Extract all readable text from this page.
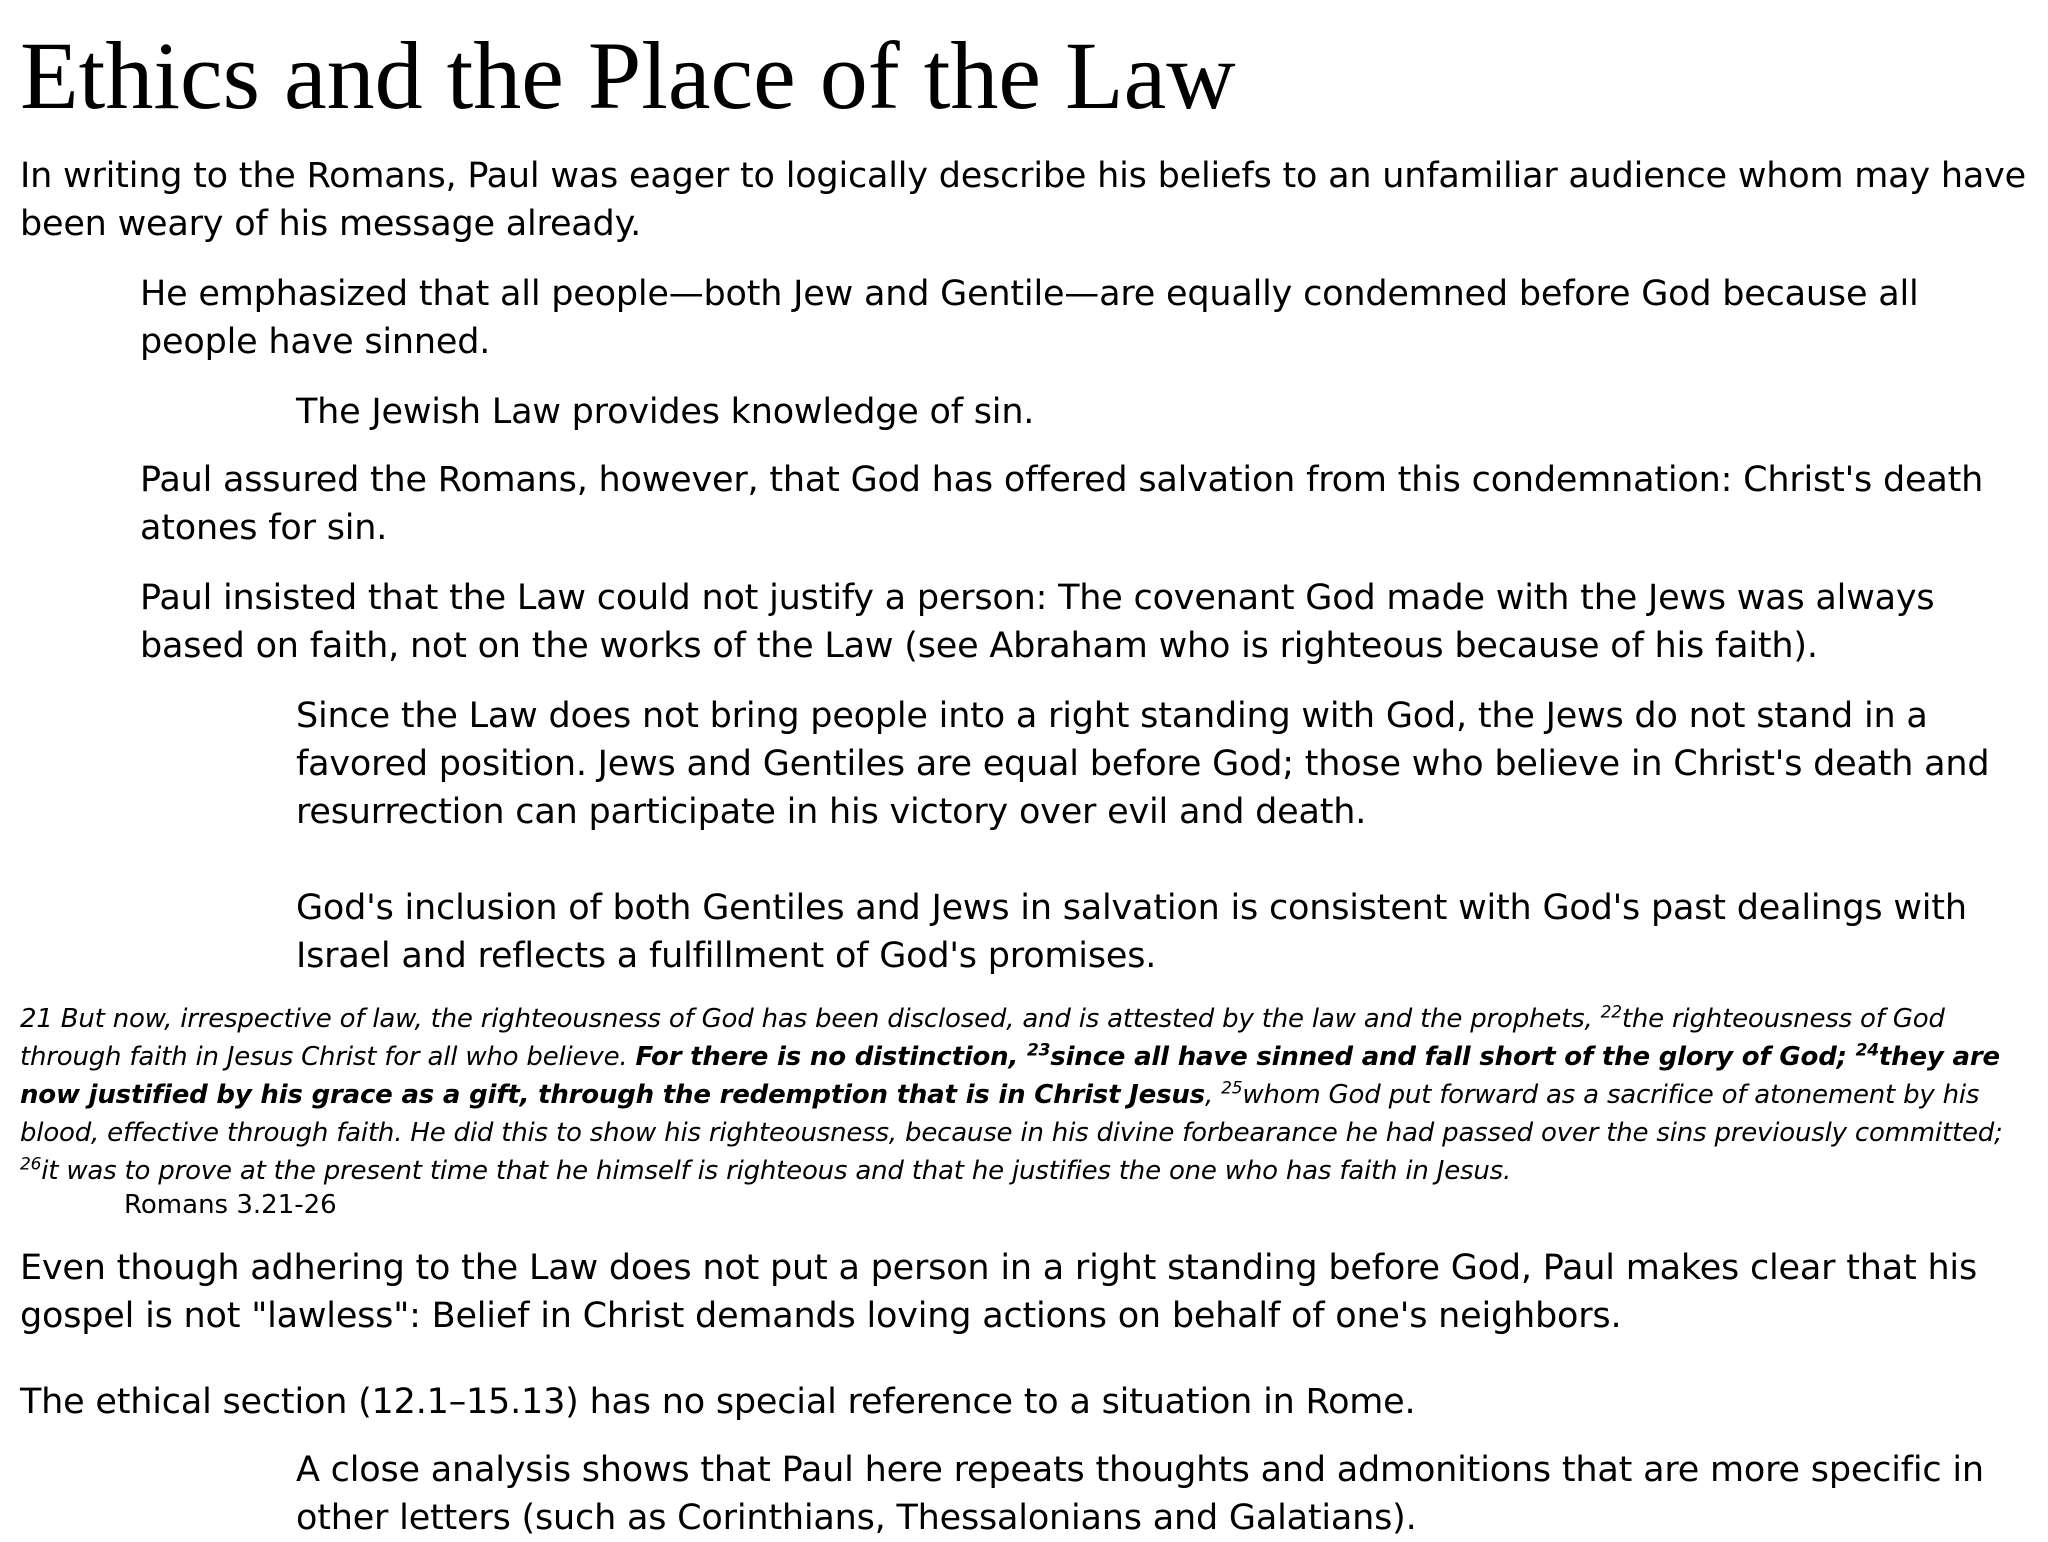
Ethics and the Place of the Law

In writing to the Romans, Paul was eager to logically describe his beliefs to an unfamiliar audience whom may have been weary of his message already.

He emphasized that all people—both Jew and Gentile—are equally condemned before God because all people have sinned.

The Jewish Law provides knowledge of sin.

Paul assured the Romans, however, that God has offered salvation from this condemnation: Christ's death atones for sin.

Paul insisted that the Law could not justify a person: The covenant God made with the Jews was always based on faith, not on the works of the Law (see Abraham who is righteous because of his faith).

Since the Law does not bring people into a right standing with God, the Jews do not stand in a favored position. Jews and Gentiles are equal before God; those who believe in Christ's death and resurrection can participate in his victory over evil and death.

God's inclusion of both Gentiles and Jews in salvation is consistent with God's past dealings with Israel and reflects a fulfillment of God's promises.

21 But now, irrespective of law, the righteousness of God has been disclosed, and is attested by the law and the prophets, $^{22}$the righteousness of God through faith in Jesus Christ for all who believe. For there is no distinction, $^{23}$since all have sinned and fall short of the glory of God; $^{24}$they are now justified by his grace as a gift, through the redemption that is in Christ Jesus, $^{25}$whom God put forward as a sacrifice of atonement by his blood, effective through faith. He did this to show his righteousness, because in his divine forbearance he had passed over the sins previously committed; $^{26}$it was to prove at the present time that he himself is righteous and that he justifies the one who has faith in Jesus.

Romans 3.21-26

Even though adhering to the Law does not put a person in a right standing before God, Paul makes clear that his gospel is not "lawless": Belief in Christ demands loving actions on behalf of one's neighbors.

The ethical section (12.1–15.13) has no special reference to a situation in Rome.

A close analysis shows that Paul here repeats thoughts and admonitions that are more specific in other letters (such as Corinthians, Thessalonians and Galatians).
